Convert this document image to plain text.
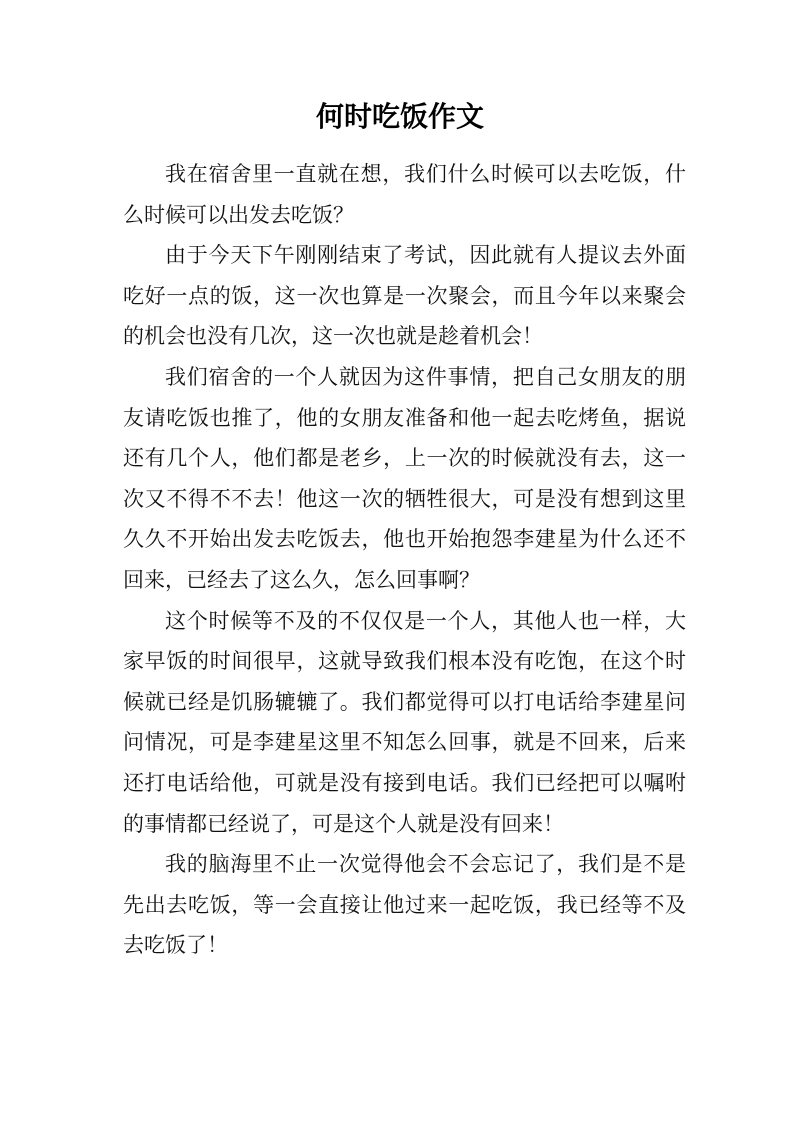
何时吃饭作文

我在宿舍里一直就在想，我们什么时候可以去吃饭，什么时候可以出发去吃饭？

由于今天下午刚刚结束了考试，因此就有人提议去外面吃好一点的饭，这一次也算是一次聚会，而且今年以来聚会的机会也没有几次，这一次也就是趁着机会！

我们宿舍的一个人就因为这件事情，把自己女朋友的朋友请吃饭也推了，他的女朋友准备和他一起去吃烤鱼，据说还有几个人，他们都是老乡，上一次的时候就没有去，这一次又不得不不去！他这一次的牺牲很大，可是没有想到这里久久不开始出发去吃饭去，他也开始抱怨李建星为什么还不回来，已经去了这么久，怎么回事啊？

这个时候等不及的不仅仅是一个人，其他人也一样，大家早饭的时间很早，这就导致我们根本没有吃饱，在这个时候就已经是饥肠辘辘了。我们都觉得可以打电话给李建星问问情况，可是李建星这里不知怎么回事，就是不回来，后来还打电话给他，可就是没有接到电话。我们已经把可以嘱咐的事情都已经说了，可是这个人就是没有回来！

我的脑海里不止一次觉得他会不会忘记了，我们是不是先出去吃饭，等一会直接让他过来一起吃饭，我已经等不及去吃饭了！
